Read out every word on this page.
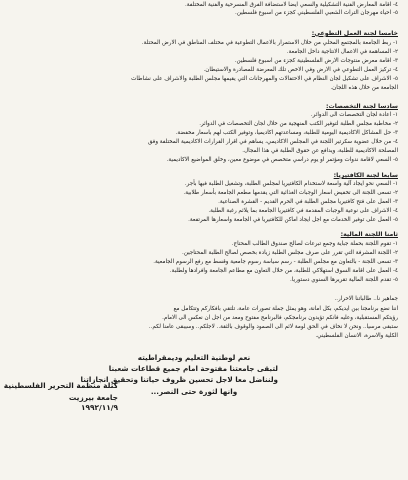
٤- اقامة المعارض الفنية التشكيلية والسعي ايضا لاستضافة الفرق المسرحية والفنية المختلفة.
٥- احياء مهرجان التراث الشعبي الفلسطيني كجزء من اسبوع فلسطين.
خامسا لجنة العمل التطوعي:
١- ربط الجامعة بالمجتمع المحلي من خلال الاستمرار بالاعمال التطوعية في مختلف المناطق في الارض المحتلة.
٢- المساهمة في الاعمال الانتاجية داخل الجامعة.
٣- اقامة معرض منتوجات الارض الفلسطينية كجزء من اسبوع فلسطين.
٤- تركيز العمل التطوعي في الارض وفي الاخص تلك المعرضة للمصادرة والاستيطان.
٥- الاشراف على تشكيل لجان النظام في الاحتفالات والمهرجانات التي يقيمها مجلس الطلبة والاشراف على نشاطات
الجامعة من خلال هذه اللجان.
سادسا لجنة التخصصات:
١- اعادة لجان التخصصات الى الدوائر.
٢- مخاطبة مجلس الطلبة لتوفير الكتب المنهجية من خلال لجان التخصصات في الدوائر.
٣- حل المشاكل الاكاديمية اليومية للطلبة، ومساعدتهم اكاديميا، وتوفير الكتب لهم باسعار مخفضة.
٤- من خلال عضوية سكرتير اللجنة في المجلس الاكاديمي، يساهم في اقرار القرارات الاكاديمية المختلفة وفق
المصلحة الاكاديمية للطلبة، ويدافع عن حقوق الطلبة في هذا المجال.
٥- السعي لاقامة ندوات ومؤتمر او يوم دراسي متخصص في موضوع معين، وخلق المواضيع الاكاديمية.
سابعا لجنة الكافتيريا:
١- السعي نحو ايجاد آلية واسعة لاستخدام الكافتيريا لمجلس الطلبة، وتشغيل الطلبة فيها بأجر.
٢- تسعى اللجنة الى تخفيض اسعار الوجبات الغذائية التي يقدمها مطعم الجامعة بأسعار طلابية.
٣- العمل على فتح كافتيريا مجلس الطلبة في الحرم القديم - القشرة الصناعية.
٤- الاشراف على نوعية الوجبات المقدمة في كافتيريا الجامعة بما يلائم رغبة الطلبة.
٥- العمل على توفير الخدمات مع اجل ايجاد اماكن للكافتيريا في الجامعة واسعارها المرتفعة.
ثامنا اللجنة المالية:
١- تقوم اللجنة بحملة جباية وجمع تبرعات لصالح صندوق الطالب المحتاج.
٢- اللجنة المشرفة التي تقرر على صرف مجلس الطلبة زيادة بخصص لصالح الطلبة المحتاجين.
٣- تسعى اللجنة - بالتعاون مع مجلس الطلبة - رسم سياسة رسوم جامعية وقسط مع رفع الرسوم الجامعية.
٤- العمل على اقامة السوق استهلاكي للطلبة، من خلال التعاون مع مطاعم الجامعة وافرادها ولطلبة.
٥- تقدم اللجنة المالية تقريرها السنوي دستوريا.
جماهير نا.. طالباتنا الاحرار..
اننا نضع برنامجنا بين ايديكم، بكل امانة، وهو يمثل جملة تصورات عامة، تلتقي بافكاركم وتتكامل مع
رؤيتكم المستقبلية، وعليه فانكم تؤيدون برنامجكم، فالبرنامج مفتوح ومعد من اجل ان نعكس الى الامام.
ستبقى مرسيا.. ونحن لا نخاف في الحق لومة لائم الى الصمود والوقوف بالثقة.. لاجلكم.. وسيبقى عامنا لكم..
الكلية والاسرة، الانسان الفلسطيني.
نعم لوطنية التعليم وديمقراطيته
لتبقى جامعتنا مفتوحة امام جميع قطاعات شعبنا
ولنناضل معا لاجل تحسين ظروف حياتنا وتحقيق انجازاتنا
وانها لثورة حتى النصر...
كتلة منظمة التحرير الفلسطينية
جامعة بيرزيت
١٩٩٢/١١/٩
